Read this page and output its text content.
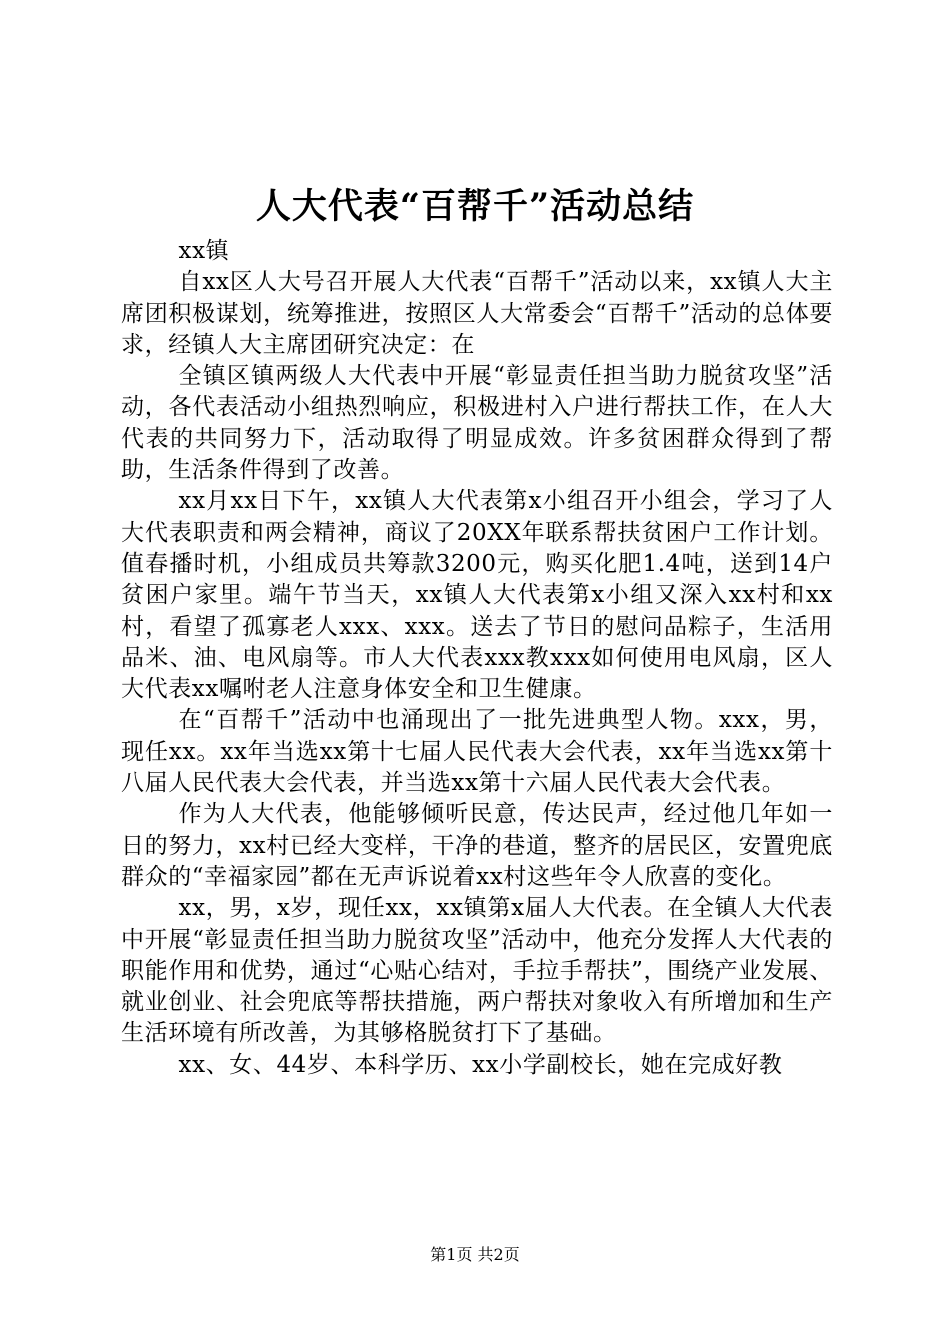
人大代表“百帮千”活动总结

xx镇

自xx区人大号召开展人大代表“百帮千”活动以来，xx镇人大主席团积极谋划，统筹推进，按照区人大常委会“百帮千”活动的总体要求，经镇人大主席团研究决定：在

全镇区镇两级人大代表中开展“彰显责任担当助力脱贫攻坚”活动，各代表活动小组热烈响应，积极进村入户进行帮扶工作，在人大代表的共同努力下，活动取得了明显成效。许多贫困群众得到了帮助，生活条件得到了改善。

xx月xx日下午，xx镇人大代表第x小组召开小组会，学习了人大代表职责和两会精神，商议了20XX年联系帮扶贫困户工作计划。值春播时机，小组成员共筹款3200元，购买化肥1.4吨，送到14户贫困户家里。端午节当天，xx镇人大代表第x小组又深入xx村和xx村，看望了孤寡老人xxx、xxx。送去了节日的慰问品粽子，生活用品米、油、电风扇等。市人大代表xxx教xxx如何使用电风扇，区人大代表xx嘱咐老人注意身体安全和卫生健康。

在“百帮千”活动中也涌现出了一批先进典型人物。xxx，男，现任xx。xx年当选xx第十七届人民代表大会代表，xx年当选xx第十八届人民代表大会代表，并当选xx第十六届人民代表大会代表。

作为人大代表，他能够倾听民意，传达民声，经过他几年如一日的努力，xx村已经大变样，干净的巷道，整齐的居民区，安置兜底群众的“幸福家园”都在无声诉说着xx村这些年令人欣喜的变化。

xx，男，x岁，现任xx，xx镇第x届人大代表。在全镇人大代表中开展“彰显责任担当助力脱贫攻坚”活动中，他充分发挥人大代表的职能作用和优势，通过“心贴心结对，手拉手帮扶”，围绕产业发展、就业创业、社会兜底等帮扶措施，两户帮扶对象收入有所增加和生产生活环境有所改善，为其够格脱贫打下了基础。

xx、女、44岁、本科学历、xx小学副校长，她在完成好教

第1页 共2页
